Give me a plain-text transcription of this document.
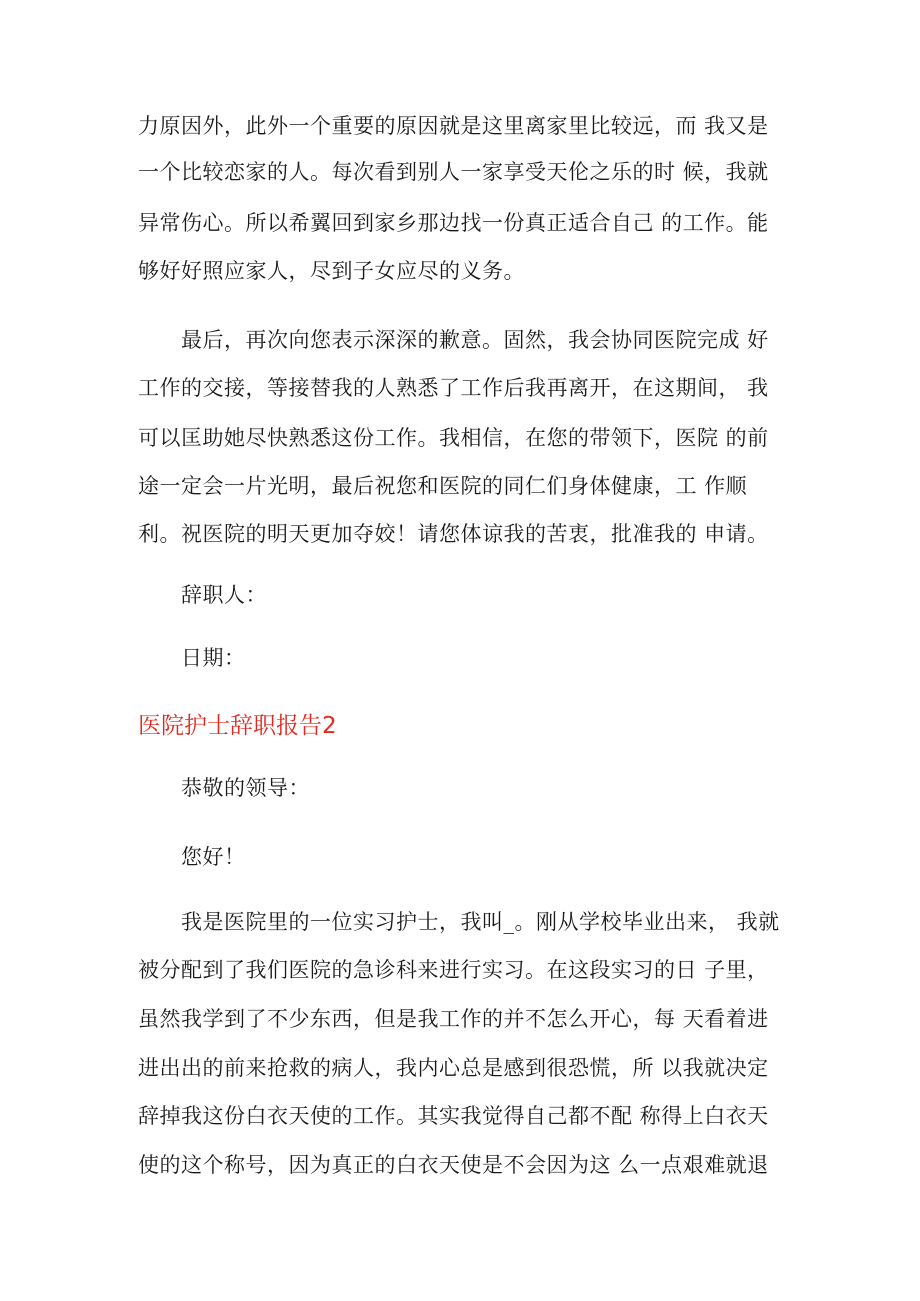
力原因外，此外一个重要的原因就是这里离家里比较远，而 我又是
一个比较恋家的人。每次看到别人一家享受天伦之乐的时 候，我就
异常伤心。所以希翼回到家乡那边找一份真正适合自己 的工作。能
够好好照应家人，尽到子女应尽的义务。
最后，再次向您表示深深的歉意。固然，我会协同医院完成 好
工作的交接，等接替我的人熟悉了工作后我再离开，在这期间， 我
可以匡助她尽快熟悉这份工作。我相信，在您的带领下，医院 的前
途一定会一片光明，最后祝您和医院的同仁们身体健康，工 作顺
利。祝医院的明天更加夺姣！请您体谅我的苦衷，批准我的 申请。
辞职人：
日期：
医院护士辞职报告2
恭敬的领导：
您好！
我是医院里的一位实习护士，我叫_。刚从学校毕业出来， 我就
被分配到了我们医院的急诊科来进行实习。在这段实习的日 子里，
虽然我学到了不少东西，但是我工作的并不怎么开心，每 天看着进
进出出的前来抢救的病人，我内心总是感到很恐慌，所 以我就决定
辞掉我这份白衣天使的工作。其实我觉得自己都不配 称得上白衣天
使的这个称号，因为真正的白衣天使是不会因为这 么一点艰难就退
